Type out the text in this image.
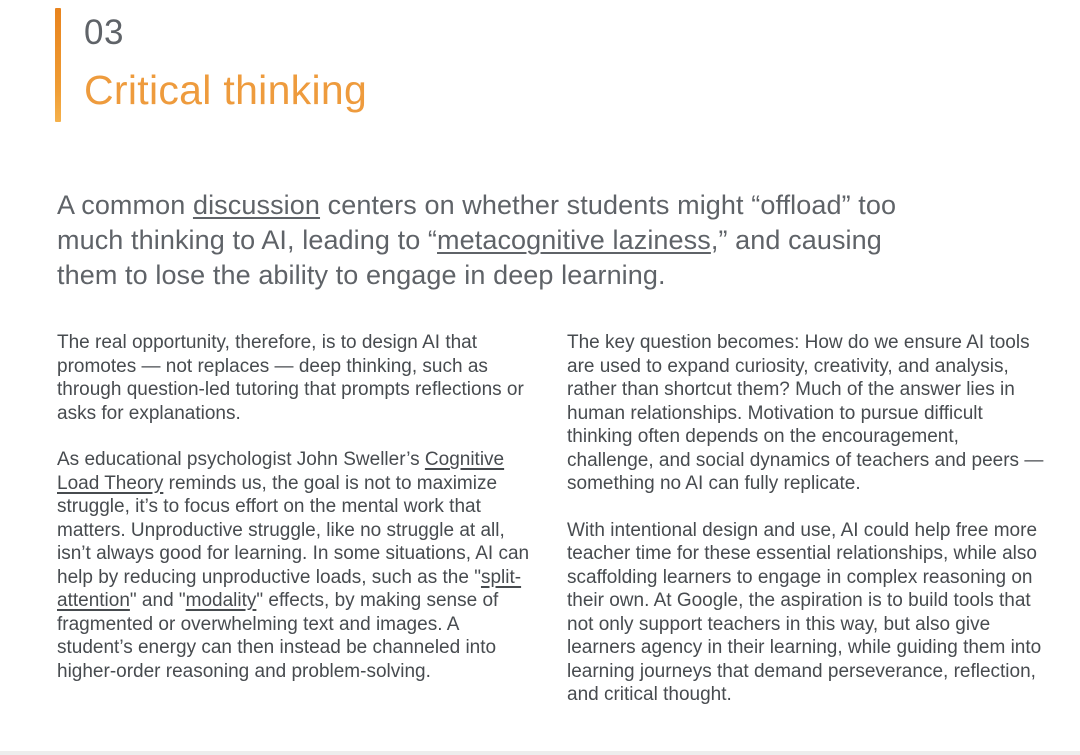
03
Critical thinking

A common discussion centers on whether students might “offload” too much thinking to AI, leading to “metacognitive laziness,” and causing them to lose the ability to engage in deep learning.

The real opportunity, therefore, is to design AI that promotes — not replaces — deep thinking, such as through question-led tutoring that prompts reflections or asks for explanations.

As educational psychologist John Sweller’s Cognitive Load Theory reminds us, the goal is not to maximize struggle, it’s to focus effort on the mental work that matters. Unproductive struggle, like no struggle at all, isn’t always good for learning. In some situations, AI can help by reducing unproductive loads, such as the "split-attention" and "modality" effects, by making sense of fragmented or overwhelming text and images. A student’s energy can then instead be channeled into higher-order reasoning and problem-solving.

The key question becomes: How do we ensure AI tools are used to expand curiosity, creativity, and analysis, rather than shortcut them? Much of the answer lies in human relationships. Motivation to pursue difficult thinking often depends on the encouragement, challenge, and social dynamics of teachers and peers — something no AI can fully replicate.

With intentional design and use, AI could help free more teacher time for these essential relationships, while also scaffolding learners to engage in complex reasoning on their own. At Google, the aspiration is to build tools that not only support teachers in this way, but also give learners agency in their learning, while guiding them into learning journeys that demand perseverance, reflection, and critical thought.
